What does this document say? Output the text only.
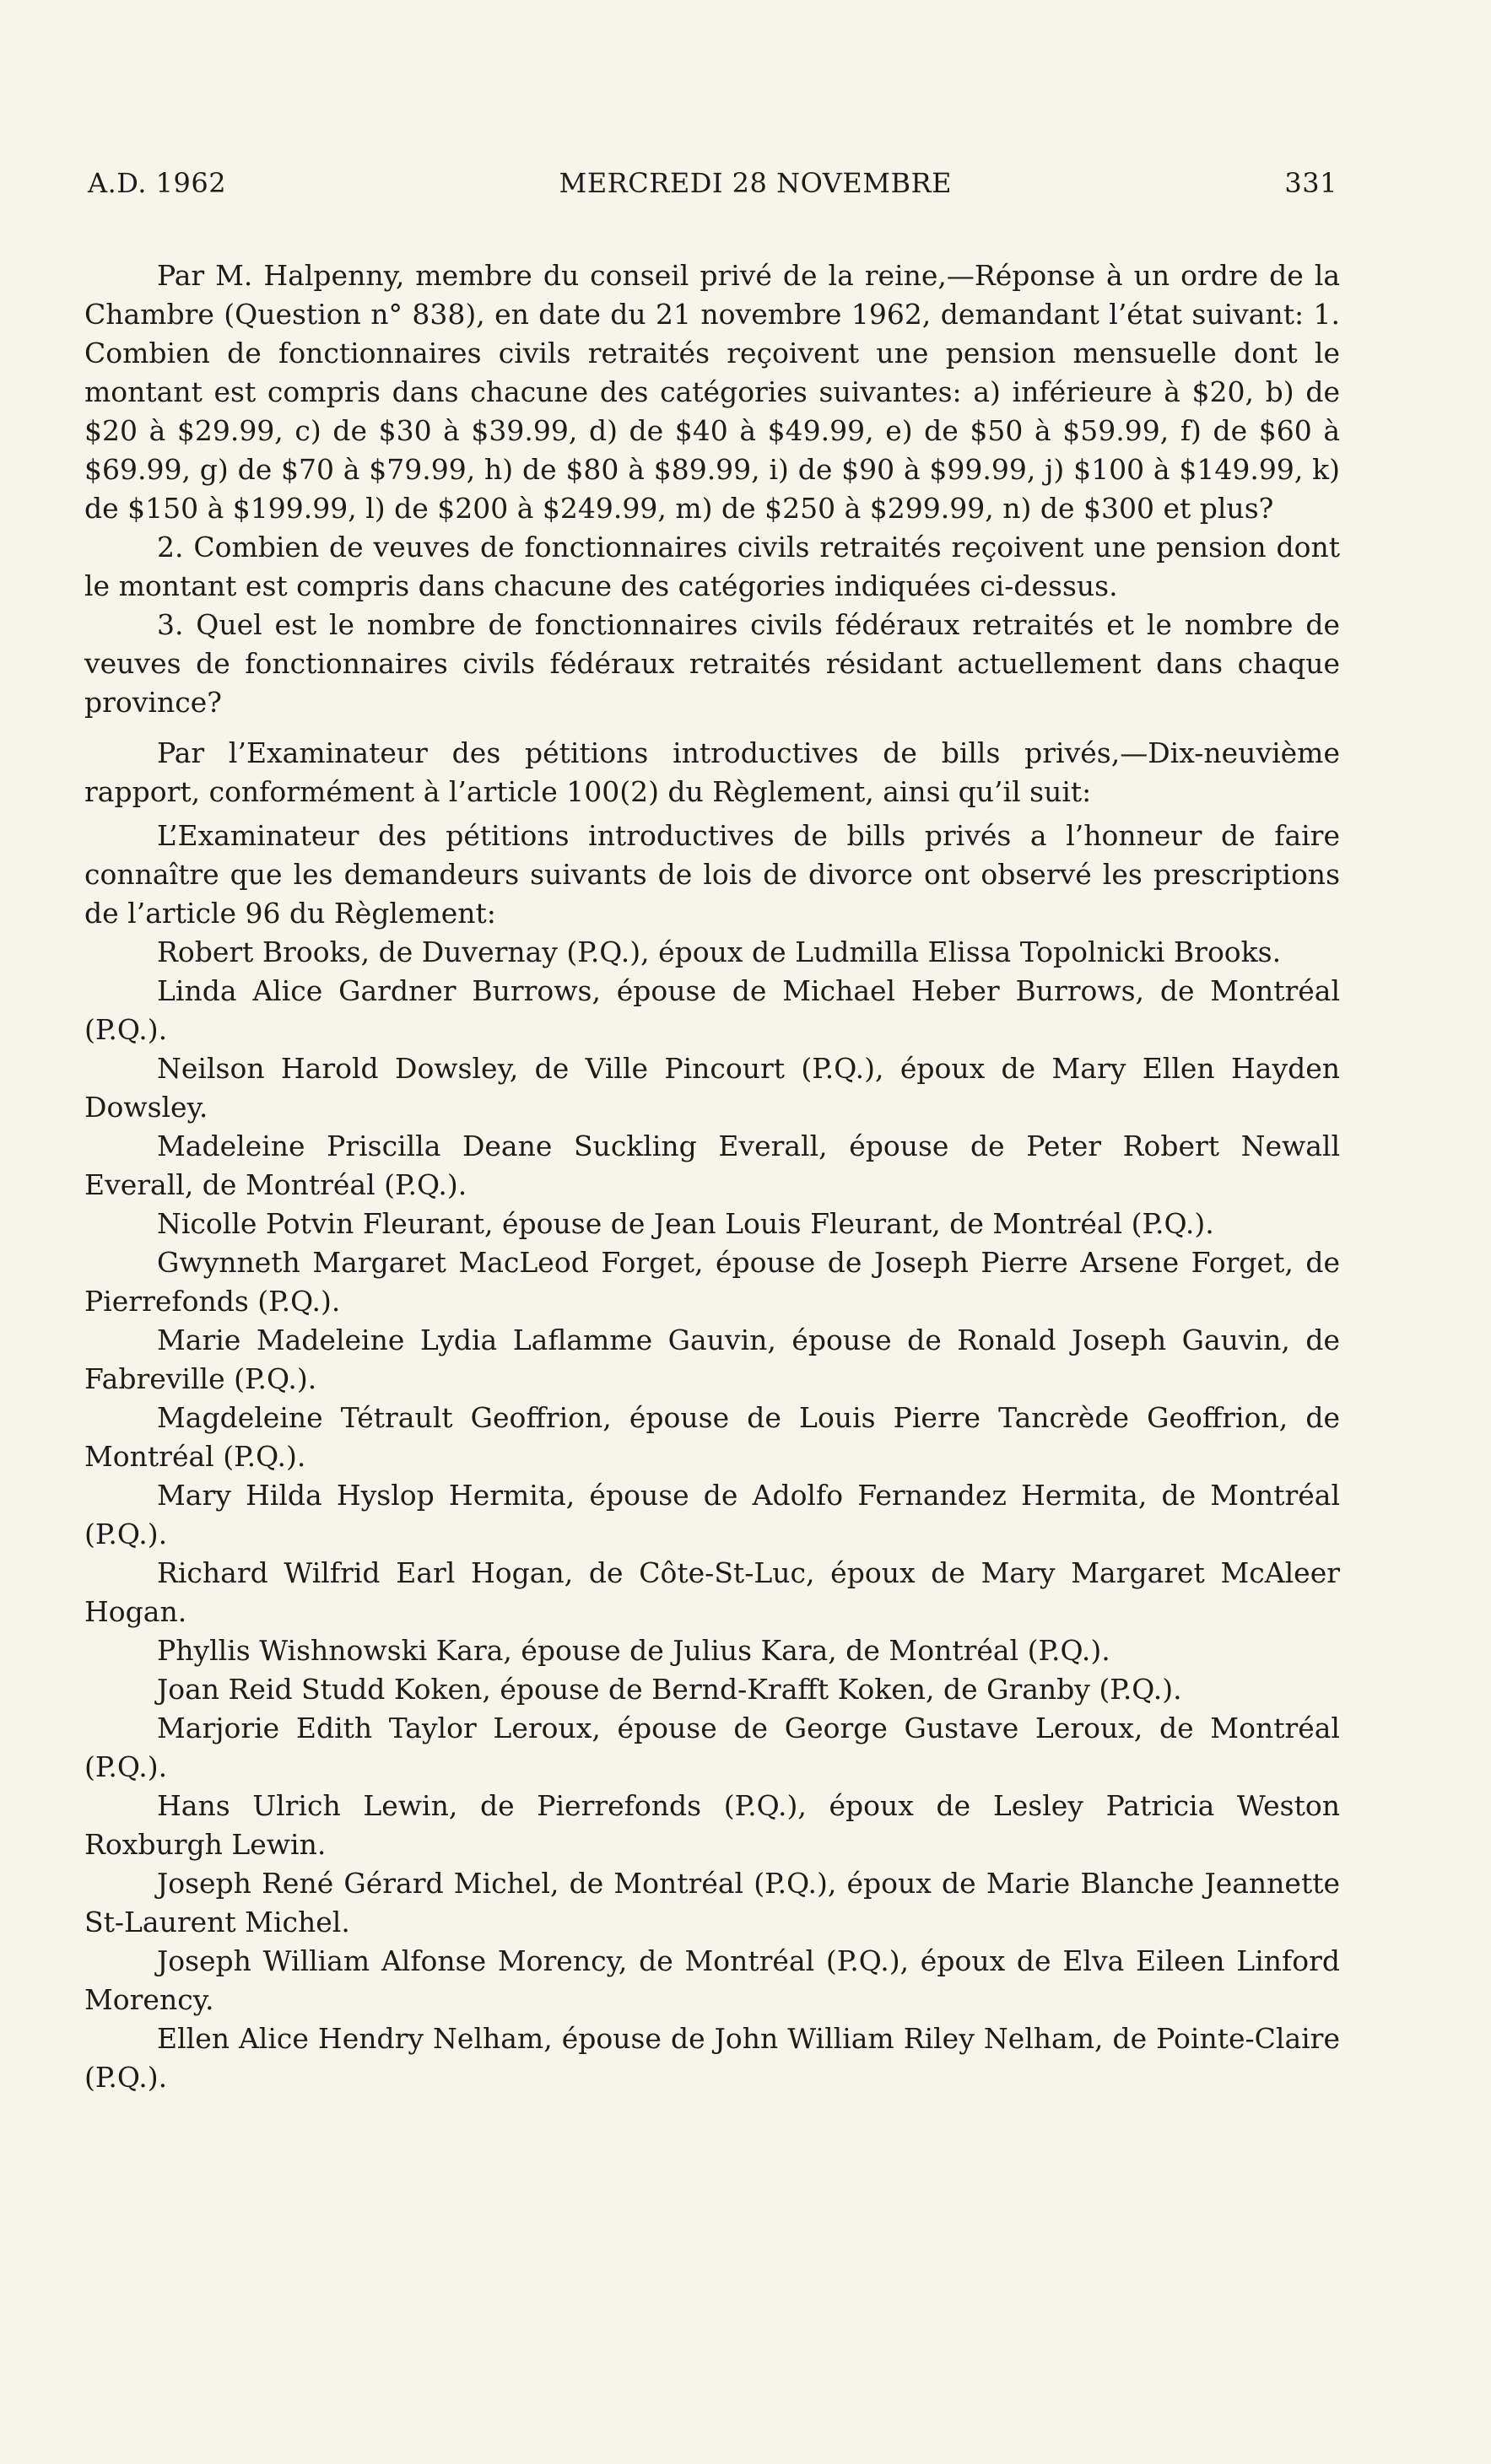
A.D. 1962	MERCREDI 28 NOVEMBRE	331

Par M. Halpenny, membre du conseil privé de la reine,—Réponse à un ordre de la Chambre (Question n° 838), en date du 21 novembre 1962, demandant l’état suivant: 1. Combien de fonctionnaires civils retraités reçoivent une pension mensuelle dont le montant est compris dans chacune des catégories suivantes: a) inférieure à $20, b) de $20 à $29.99, c) de $30 à $39.99, d) de $40 à $49.99, e) de $50 à $59.99, f) de $60 à $69.99, g) de $70 à $79.99, h) de $80 à $89.99, i) de $90 à $99.99, j) $100 à $149.99, k) de $150 à $199.99, l) de $200 à $249.99, m) de $250 à $299.99, n) de $300 et plus?

2. Combien de veuves de fonctionnaires civils retraités reçoivent une pension dont le montant est compris dans chacune des catégories indiquées ci-dessus.

3. Quel est le nombre de fonctionnaires civils fédéraux retraités et le nombre de veuves de fonctionnaires civils fédéraux retraités résidant actuellement dans chaque province?

Par l’Examinateur des pétitions introductives de bills privés,—Dix-neuvième rapport, conformément à l’article 100(2) du Règlement, ainsi qu’il suit:

L’Examinateur des pétitions introductives de bills privés a l’honneur de faire connaître que les demandeurs suivants de lois de divorce ont observé les prescriptions de l’article 96 du Règlement:

Robert Brooks, de Duvernay (P.Q.), époux de Ludmilla Elissa Topolnicki Brooks.

Linda Alice Gardner Burrows, épouse de Michael Heber Burrows, de Montréal (P.Q.).

Neilson Harold Dowsley, de Ville Pincourt (P.Q.), époux de Mary Ellen Hayden Dowsley.

Madeleine Priscilla Deane Suckling Everall, épouse de Peter Robert Newall Everall, de Montréal (P.Q.).

Nicolle Potvin Fleurant, épouse de Jean Louis Fleurant, de Montréal (P.Q.).

Gwynneth Margaret MacLeod Forget, épouse de Joseph Pierre Arsene Forget, de Pierrefonds (P.Q.).

Marie Madeleine Lydia Laflamme Gauvin, épouse de Ronald Joseph Gauvin, de Fabreville (P.Q.).

Magdeleine Tétrault Geoffrion, épouse de Louis Pierre Tancrède Geoffrion, de Montréal (P.Q.).

Mary Hilda Hyslop Hermita, épouse de Adolfo Fernandez Hermita, de Montréal (P.Q.).

Richard Wilfrid Earl Hogan, de Côte-St-Luc, époux de Mary Margaret McAleer Hogan.

Phyllis Wishnowski Kara, épouse de Julius Kara, de Montréal (P.Q.).

Joan Reid Studd Koken, épouse de Bernd-Krafft Koken, de Granby (P.Q.).

Marjorie Edith Taylor Leroux, épouse de George Gustave Leroux, de Montréal (P.Q.).

Hans Ulrich Lewin, de Pierrefonds (P.Q.), époux de Lesley Patricia Weston Roxburgh Lewin.

Joseph René Gérard Michel, de Montréal (P.Q.), époux de Marie Blanche Jeannette St-Laurent Michel.

Joseph William Alfonse Morency, de Montréal (P.Q.), époux de Elva Eileen Linford Morency.

Ellen Alice Hendry Nelham, épouse de John William Riley Nelham, de Pointe-Claire (P.Q.).
